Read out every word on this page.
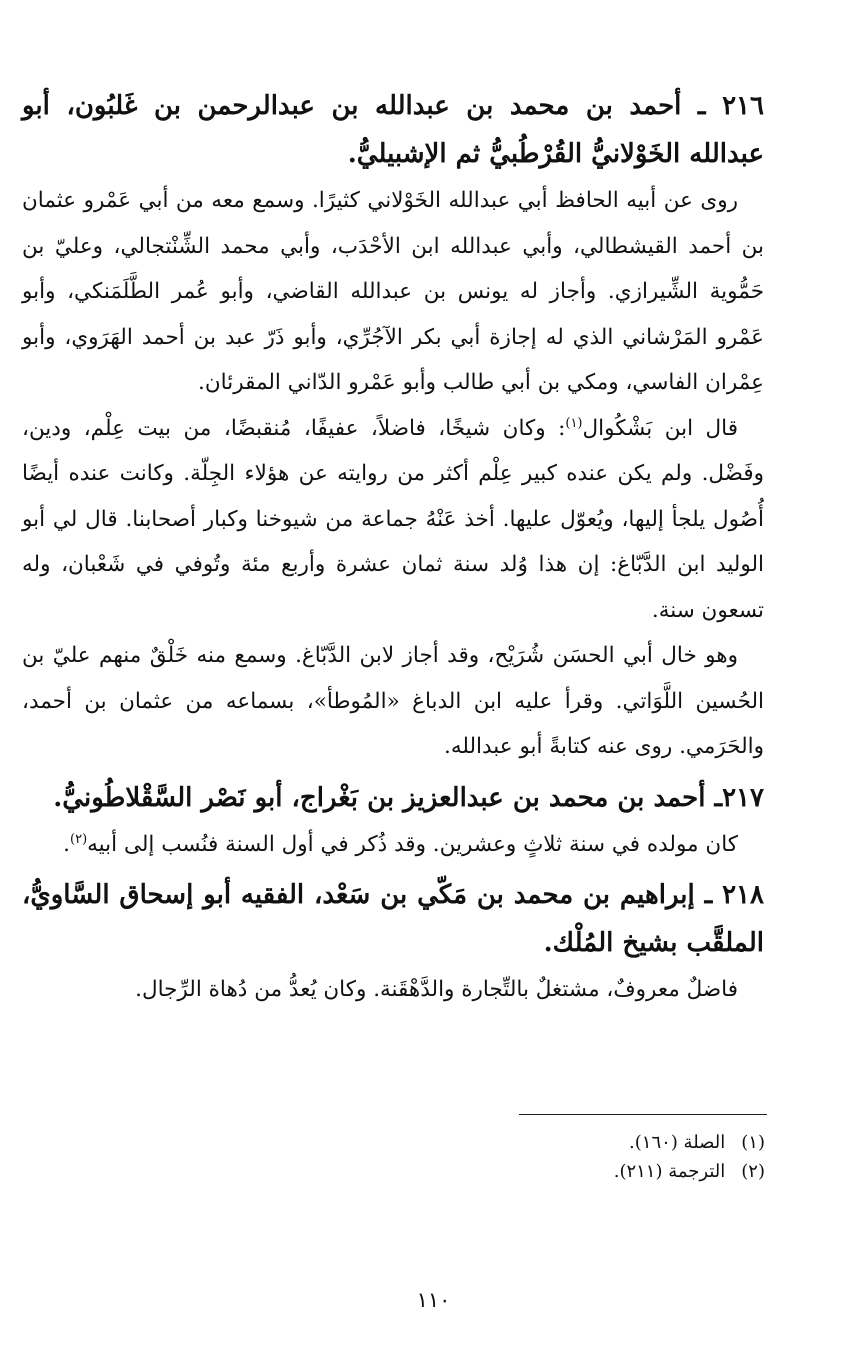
٢١٦ ـ أحمد بن محمد بن عبدالله بن عبدالرحمن بن غَلبُون، أبو عبدالله الخَوْلانيُّ القُرْطُبيُّ ثم الإشبيليُّ.

روى عن أبيه الحافظ أبي عبدالله الخَوْلاني كثيرًا. وسمع معه من أبي عَمْرو عثمان بن أحمد القيشطالي، وأبي عبدالله ابن الأحْدَب، وأبي محمد الشِّنْتجالي، وعليّ بن حَمُّوية الشِّيرازي. وأجاز له يونس بن عبدالله القاضي، وأبو عُمر الطَّلَمَنكي، وأبو عَمْرو المَرْشاني الذي له إجازة أبي بكر الآجُرِّي، وأبو ذَرّ عبد بن أحمد الهَرَوي، وأبو عِمْران الفاسي، ومكي بن أبي طالب وأبو عَمْرو الدّاني المقرئان.

قال ابن بَشْكُوال$^{(١)}$: وكان شيخًا، فاضلاً، عفيفًا، مُنقبضًا، من بيت عِلْم، ودين، وفَضْل. ولم يكن عنده كبير عِلْم أكثر من روايته عن هؤلاء الجِلّة. وكانت عنده أيضًا أُصُول يلجأ إليها، ويُعوّل عليها. أخذ عَنْهُ جماعة من شيوخنا وكبار أصحابنا. قال لي أبو الوليد ابن الدَّبّاغ: إن هذا وُلد سنة ثمان عشرة وأربع مئة وتُوفي في شَعْبان، وله تسعون سنة.

وهو خال أبي الحسَن شُرَيْح، وقد أجاز لابن الدَّبّاغ. وسمع منه خَلْقٌ منهم عليّ بن الحُسين اللَّوَاتي. وقرأ عليه ابن الدباغ «المُوطأ»، بسماعه من عثمان بن أحمد، والحَرَمي. روى عنه كتابةً أبو عبدالله.

٢١٧ـ أحمد بن محمد بن عبدالعزيز بن بَغْراج، أبو نَصْر السَّقْلاطُونيُّ.

كان مولده في سنة ثلاثٍ وعشرين. وقد ذُكر في أول السنة فنُسب إلى أبيه$^{(٢)}$.

٢١٨ ـ إبراهيم بن محمد بن مَكّي بن سَعْد، الفقيه أبو إسحاق السَّاويُّ، الملقَّب بشيخ المُلْك.

فاضلٌ معروفٌ، مشتغلٌ بالتِّجارة والدَّهْقَنة. وكان يُعدُّ من دُهاة الرِّجال.

(١)الصلة (١٦٠).
(٢)الترجمة (٢١١).
١١٠
